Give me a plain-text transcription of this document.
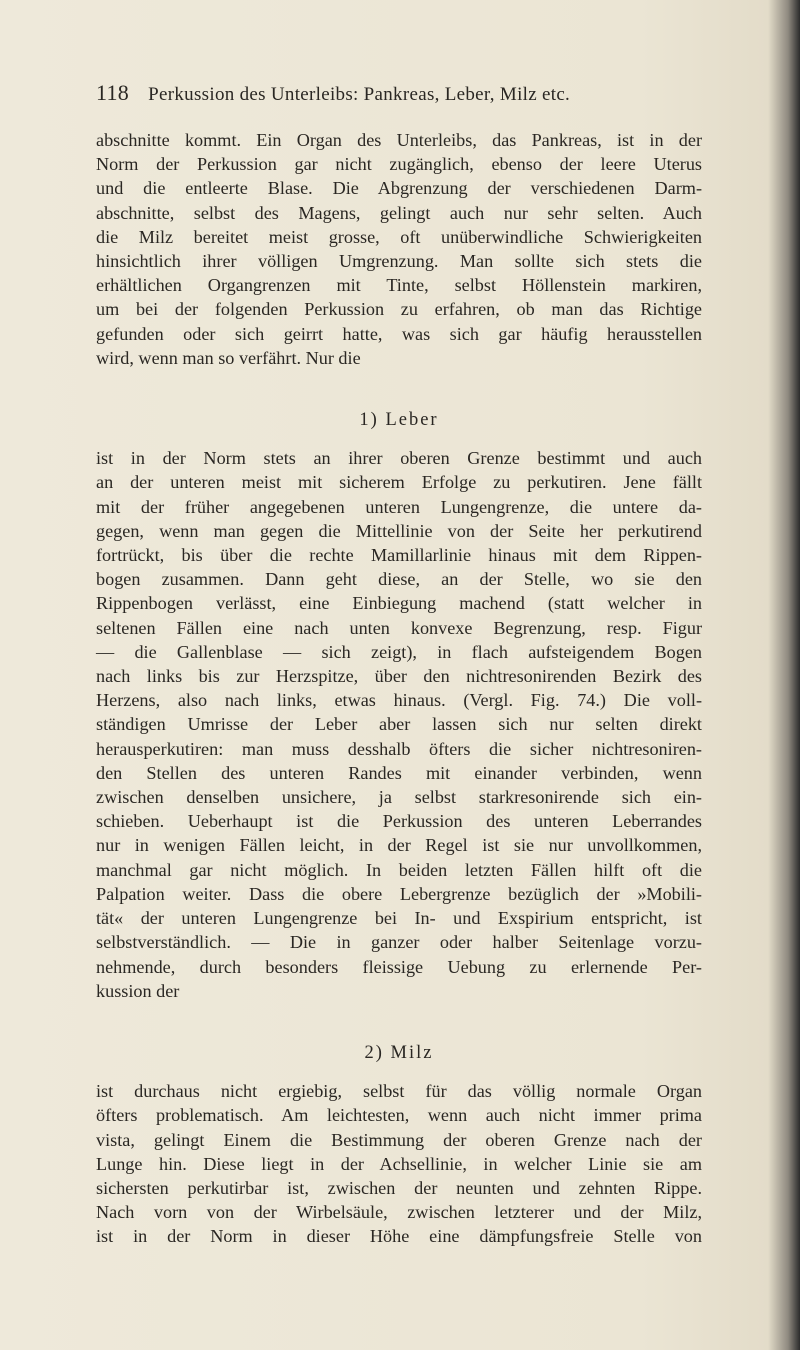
118 Perkussion des Unterleibs: Pankreas, Leber, Milz etc.
abschnitte kommt. Ein Organ des Unterleibs, das Pankreas, ist in der
Norm der Perkussion gar nicht zugänglich, ebenso der leere Uterus
und die entleerte Blase. Die Abgrenzung der verschiedenen Darm-
abschnitte, selbst des Magens, gelingt auch nur sehr selten. Auch
die Milz bereitet meist grosse, oft unüberwindliche Schwierigkeiten
hinsichtlich ihrer völligen Umgrenzung. Man sollte sich stets die
erhältlichen Organgrenzen mit Tinte, selbst Höllenstein markiren,
um bei der folgenden Perkussion zu erfahren, ob man das Richtige
gefunden oder sich geirrt hatte, was sich gar häufig herausstellen
wird, wenn man so verfährt. Nur die
1) Leber
ist in der Norm stets an ihrer oberen Grenze bestimmt und auch
an der unteren meist mit sicherem Erfolge zu perkutiren. Jene fällt
mit der früher angegebenen unteren Lungengrenze, die untere da-
gegen, wenn man gegen die Mittellinie von der Seite her perkutirend
fortrückt, bis über die rechte Mamillarlinie hinaus mit dem Rippen-
bogen zusammen. Dann geht diese, an der Stelle, wo sie den
Rippenbogen verlässt, eine Einbiegung machend (statt welcher in
seltenen Fällen eine nach unten konvexe Begrenzung, resp. Figur
— die Gallenblase — sich zeigt), in flach aufsteigendem Bogen
nach links bis zur Herzspitze, über den nichtresonirenden Bezirk des
Herzens, also nach links, etwas hinaus. (Vergl. Fig. 74.) Die voll-
ständigen Umrisse der Leber aber lassen sich nur selten direkt
herausperkutiren: man muss desshalb öfters die sicher nichtresoniren-
den Stellen des unteren Randes mit einander verbinden, wenn
zwischen denselben unsichere, ja selbst starkresonirende sich ein-
schieben. Ueberhaupt ist die Perkussion des unteren Leberrandes
nur in wenigen Fällen leicht, in der Regel ist sie nur unvollkommen,
manchmal gar nicht möglich. In beiden letzten Fällen hilft oft die
Palpation weiter. Dass die obere Lebergrenze bezüglich der »Mobili-
tät« der unteren Lungengrenze bei In- und Exspirium entspricht, ist
selbstverständlich. — Die in ganzer oder halber Seitenlage vorzu-
nehmende, durch besonders fleissige Uebung zu erlernende Per-
kussion der
2) Milz
ist durchaus nicht ergiebig, selbst für das völlig normale Organ
öfters problematisch. Am leichtesten, wenn auch nicht immer prima
vista, gelingt Einem die Bestimmung der oberen Grenze nach der
Lunge hin. Diese liegt in der Achsellinie, in welcher Linie sie am
sichersten perkutirbar ist, zwischen der neunten und zehnten Rippe.
Nach vorn von der Wirbelsäule, zwischen letzterer und der Milz,
ist in der Norm in dieser Höhe eine dämpfungsfreie Stelle von
